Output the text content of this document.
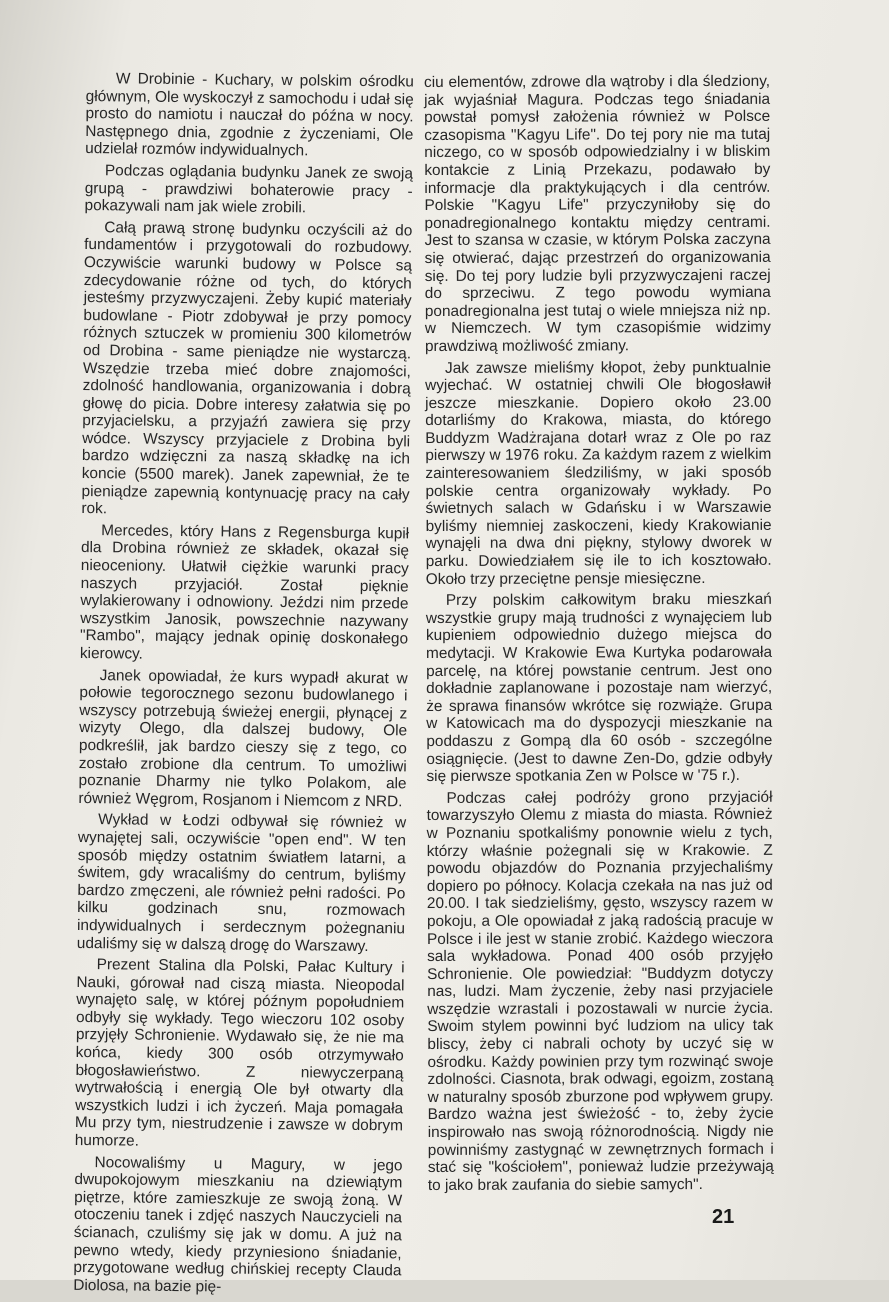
W Drobinie - Kuchary, w polskim ośrodku głównym, Ole wyskoczył z samochodu i udał się prosto do namiotu i nauczał do późna w nocy. Następnego dnia, zgodnie z życzeniami, Ole udzielał rozmów indywidualnych.

Podczas oglądania budynku Janek ze swoją grupą - prawdziwi bohaterowie pracy - pokazywali nam jak wiele zrobili.

Całą prawą stronę budynku oczyścili aż do fundamentów i przygotowali do rozbudowy. Oczywiście warunki budowy w Polsce są zdecydowanie różne od tych, do których jesteśmy przyzwyczajeni. Żeby kupić materiały budowlane - Piotr zdobywał je przy pomocy różnych sztuczek w promieniu 300 kilometrów od Drobina - same pieniądze nie wystarczą. Wszędzie trzeba mieć dobre znajomości, zdolność handlowania, organizowania i dobrą głowę do picia. Dobre interesy załatwia się po przyjacielsku, a przyjaźń zawiera się przy wódce. Wszyscy przyjaciele z Drobina byli bardzo wdzięczni za naszą składkę na ich koncie (5500 marek). Janek zapewniał, że te pieniądze zapewnią kontynuację pracy na cały rok.

Mercedes, który Hans z Regensburga kupił dla Drobina również ze składek, okazał się nieoceniony. Ułatwił ciężkie warunki pracy naszych przyjaciół. Został pięknie wylakierowany i odnowiony. Jeździ nim przede wszystkim Janosik, powszechnie nazywany "Rambo", mający jednak opinię doskonałego kierowcy.

Janek opowiadał, że kurs wypadł akurat w połowie tegorocznego sezonu budowlanego i wszyscy potrzebują świeżej energii, płynącej z wizyty Olego, dla dalszej budowy, Ole podkreślił, jak bardzo cieszy się z tego, co zostało zrobione dla centrum. To umożliwi poznanie Dharmy nie tylko Polakom, ale również Węgrom, Rosjanom i Niemcom z NRD.

Wykład w Łodzi odbywał się również w wynajętej sali, oczywiście "open end". W ten sposób między ostatnim światłem latarni, a świtem, gdy wracaliśmy do centrum, byliśmy bardzo zmęczeni, ale również pełni radości. Po kilku godzinach snu, rozmowach indywidualnych i serdecznym pożegnaniu udaliśmy się w dalszą drogę do Warszawy.

Prezent Stalina dla Polski, Pałac Kultury i Nauki, górował nad ciszą miasta. Nieopodal wynajęto salę, w której późnym popołudniem odbyły się wykłady. Tego wieczoru 102 osoby przyjęły Schronienie. Wydawało się, że nie ma końca, kiedy 300 osób otrzymywało błogosławieństwo. Z niewyczerpaną wytrwałością i energią Ole był otwarty dla wszystkich ludzi i ich życzeń. Maja pomagała Mu przy tym, niestrudzenie i zawsze w dobrym humorze.

Nocowaliśmy u Magury, w jego dwupokojowym mieszkaniu na dziewiątym piętrze, które zamieszkuje ze swoją żoną. W otoczeniu tanek i zdjęć naszych Nauczycieli na ścianach, czuliśmy się jak w domu. A już na pewno wtedy, kiedy przyniesiono śniadanie, przygotowane według chińskiej recepty Clauda Diolosa, na bazie pię-

ciu elementów, zdrowe dla wątroby i dla śledziony, jak wyjaśniał Magura. Podczas tego śniadania powstał pomysł założenia również w Polsce czasopisma "Kagyu Life". Do tej pory nie ma tutaj niczego, co w sposób odpowiedzialny i w bliskim kontakcie z Linią Przekazu, podawało by informacje dla praktykujących i dla centrów. Polskie "Kagyu Life" przyczyniłoby się do ponadregionalnego kontaktu między centrami. Jest to szansa w czasie, w którym Polska zaczyna się otwierać, dając przestrzeń do organizowania się. Do tej pory ludzie byli przyzwyczajeni raczej do sprzeciwu. Z tego powodu wymiana ponadregionalna jest tutaj o wiele mniejsza niż np. w Niemczech. W tym czasopiśmie widzimy prawdziwą możliwość zmiany.

Jak zawsze mieliśmy kłopot, żeby punktualnie wyjechać. W ostatniej chwili Ole błogosławił jeszcze mieszkanie. Dopiero około 23.00 dotarliśmy do Krakowa, miasta, do którego Buddyzm Wadżrajana dotarł wraz z Ole po raz pierwszy w 1976 roku. Za każdym razem z wielkim zainteresowaniem śledziliśmy, w jaki sposób polskie centra organizowały wykłady. Po świetnych salach w Gdańsku i w Warszawie byliśmy niemniej zaskoczeni, kiedy Krakowianie wynajęli na dwa dni piękny, stylowy dworek w parku. Dowiedziałem się ile to ich kosztowało. Około trzy przeciętne pensje miesięczne.

Przy polskim całkowitym braku mieszkań wszystkie grupy mają trudności z wynajęciem lub kupieniem odpowiednio dużego miejsca do medytacji. W Krakowie Ewa Kurtyka podarowała parcelę, na której powstanie centrum. Jest ono dokładnie zaplanowane i pozostaje nam wierzyć, że sprawa finansów wkrótce się rozwiąże. Grupa w Katowicach ma do dyspozycji mieszkanie na poddaszu z Gompą dla 60 osób - szczególne osiągnięcie. (Jest to dawne Zen-Do, gdzie odbyły się pierwsze spotkania Zen w Polsce w '75 r.).

Podczas całej podróży grono przyjaciół towarzyszyło Olemu z miasta do miasta. Również w Poznaniu spotkaliśmy ponownie wielu z tych, którzy właśnie pożegnali się w Krakowie. Z powodu objazdów do Poznania przyjechaliśmy dopiero po północy. Kolacja czekała na nas już od 20.00. I tak siedzieliśmy, gęsto, wszyscy razem w pokoju, a Ole opowiadał z jaką radością pracuje w Polsce i ile jest w stanie zrobić. Każdego wieczora sala wykładowa. Ponad 400 osób przyjęło Schronienie. Ole powiedział: "Buddyzm dotyczy nas, ludzi. Mam życzenie, żeby nasi przyjaciele wszędzie wzrastali i pozostawali w nurcie życia. Swoim stylem powinni być ludziom na ulicy tak bliscy, żeby ci nabrali ochoty by uczyć się w ośrodku. Każdy powinien przy tym rozwinąć swoje zdolności. Ciasnota, brak odwagi, egoizm, zostaną w naturalny sposób zburzone pod wpływem grupy. Bardzo ważna jest świeżość - to, żeby życie inspirowało nas swoją różnorodnością. Nigdy nie powinniśmy zastygnąć w zewnętrznych formach i stać się "kościołem", ponieważ ludzie przeżywają to jako brak zaufania do siebie samych".

21
